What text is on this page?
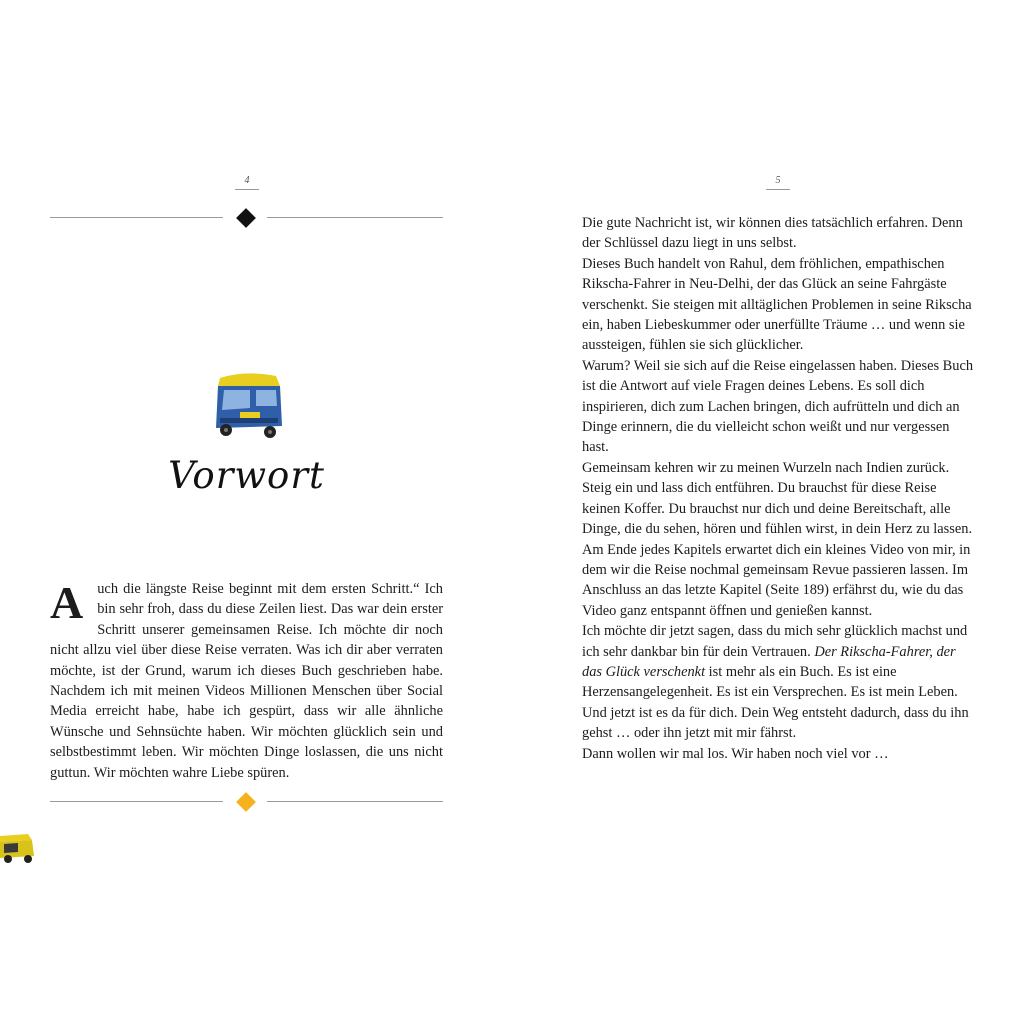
4
Vorwort
A uch die längste Reise beginnt mit dem ersten Schritt.“ Ich bin sehr froh, dass du diese Zeilen liest. Das war dein erster Schritt unserer gemeinsamen Reise. Ich möchte dir noch nicht allzu viel über diese Reise verraten. Was ich dir aber verraten möchte, ist der Grund, warum ich dieses Buch geschrieben habe. Nachdem ich mit meinen Videos Millionen Menschen über Social Media erreicht habe, habe ich gespürt, dass wir alle ähnliche Wünsche und Sehnsüchte haben. Wir möchten glücklich sein und selbstbestimmt leben. Wir möchten Dinge loslassen, die uns nicht guttun. Wir möchten wahre Liebe spüren.
5

Die gute Nachricht ist, wir können dies tatsächlich erfahren. Denn der Schlüssel dazu liegt in uns selbst.

Dieses Buch handelt von Rahul, dem fröhlichen, empathischen Rikscha-Fahrer in Neu-Delhi, der das Glück an seine Fahrgäste verschenkt. Sie steigen mit alltäglichen Problemen in seine Rikscha ein, haben Liebeskummer oder unerfüllte Träume … und wenn sie aussteigen, fühlen sie sich glücklicher.

Warum? Weil sie sich auf die Reise eingelassen haben. Dieses Buch ist die Antwort auf viele Fragen deines Lebens. Es soll dich inspirieren, dich zum Lachen bringen, dich aufrütteln und dich an Dinge erinnern, die du vielleicht schon weißt und nur vergessen hast.

Gemeinsam kehren wir zu meinen Wurzeln nach Indien zurück. Steig ein und lass dich entführen. Du brauchst für diese Reise keinen Koffer. Du brauchst nur dich und deine Bereitschaft, alle Dinge, die du sehen, hören und fühlen wirst, in dein Herz zu lassen. Am Ende jedes Kapitels erwartet dich ein kleines Video von mir, in dem wir die Reise nochmal gemeinsam Revue passieren lassen. Im Anschluss an das letzte Kapitel (Seite 189) erfährst du, wie du das Video ganz entspannt öffnen und genießen kannst.

Ich möchte dir jetzt sagen, dass du mich sehr glücklich machst und ich sehr dankbar bin für dein Vertrauen. Der Rikscha-Fahrer, der das Glück verschenkt ist mehr als ein Buch. Es ist eine Herzensangelegenheit. Es ist ein Versprechen. Es ist mein Leben. Und jetzt ist es da für dich. Dein Weg entsteht dadurch, dass du ihn gehst … oder ihn jetzt mit mir fährst.

Dann wollen wir mal los. Wir haben noch viel vor …
